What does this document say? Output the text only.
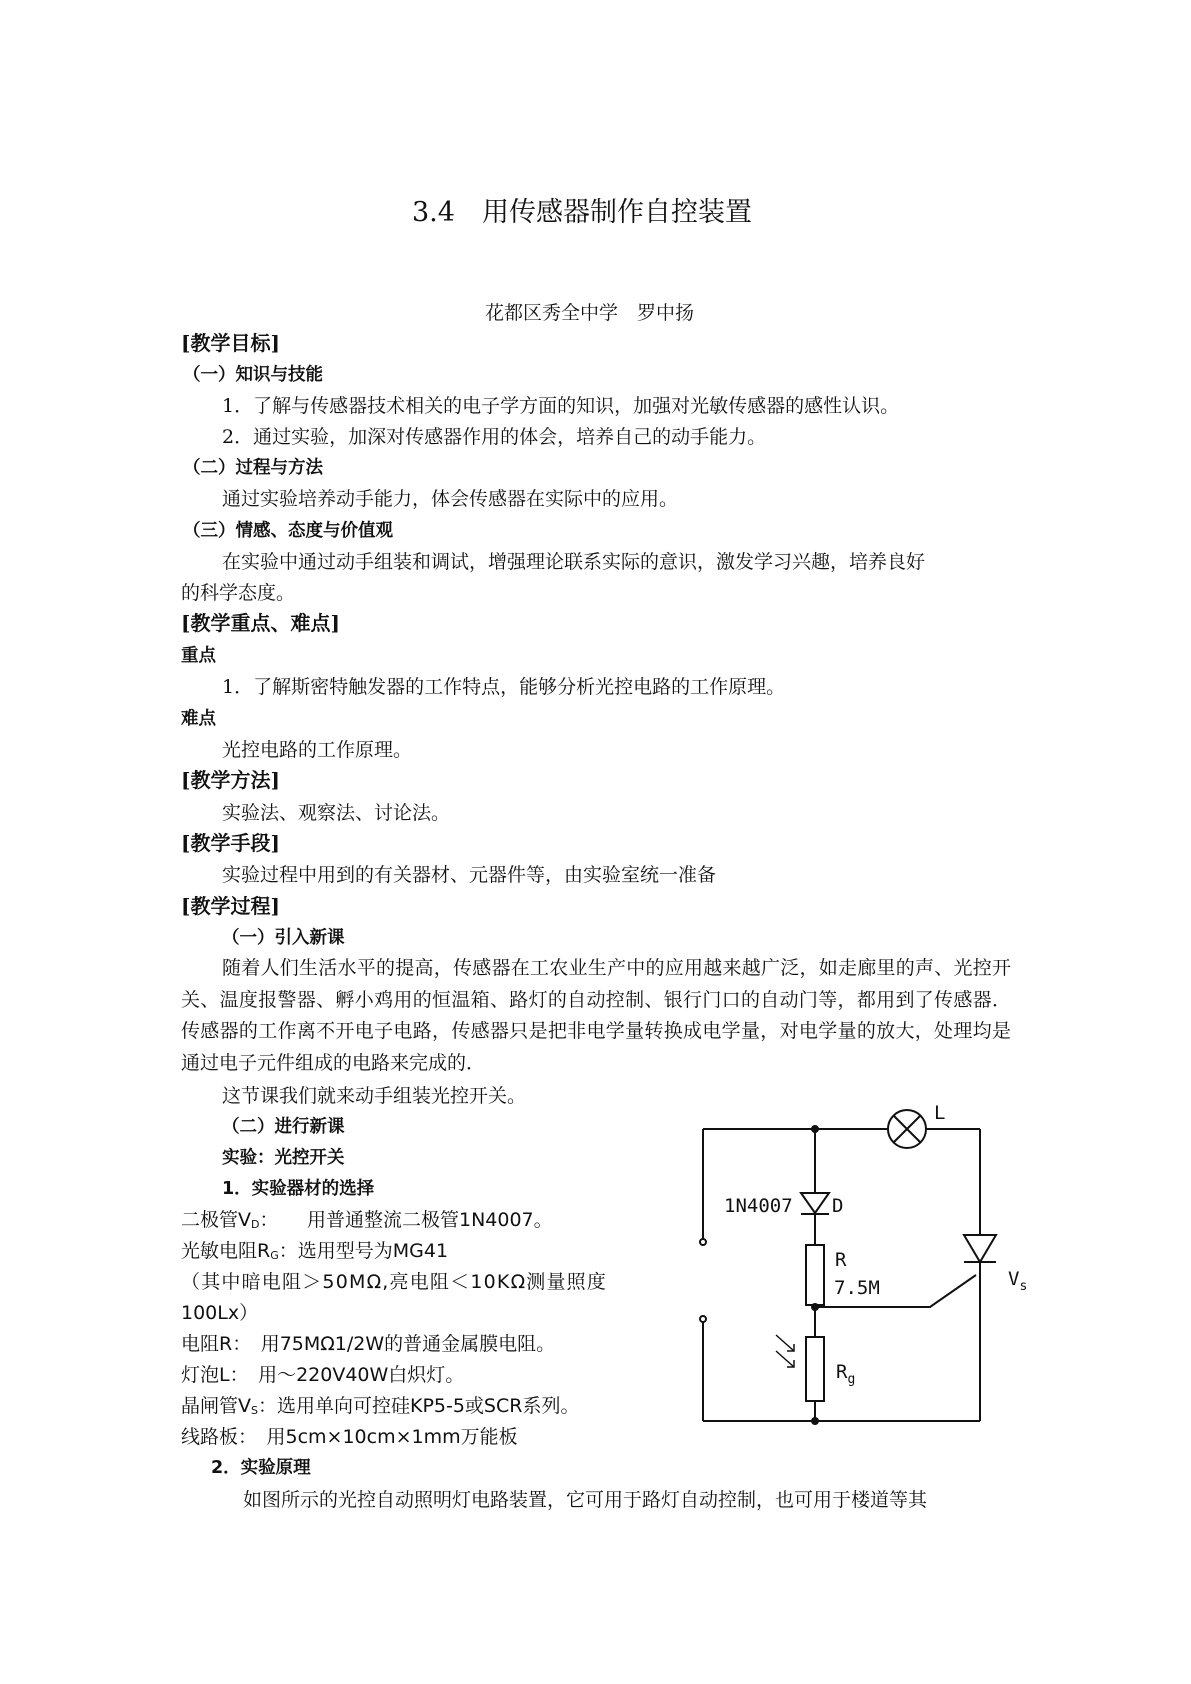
3.4　用传感器制作自控装置
花都区秀全中学　罗中扬
[教学目标]
（一）知识与技能
1．了解与传感器技术相关的电子学方面的知识，加强对光敏传感器的感性认识。
2．通过实验，加深对传感器作用的体会，培养自己的动手能力。
（二）过程与方法
通过实验培养动手能力，体会传感器在实际中的应用。
（三）情感、态度与价值观
在实验中通过动手组装和调试，增强理论联系实际的意识，激发学习兴趣，培养良好
的科学态度。
[教学重点、难点]
重点
1．了解斯密特触发器的工作特点，能够分析光控电路的工作原理。
难点
光控电路的工作原理。
[教学方法]
实验法、观察法、讨论法。
[教学手段]
实验过程中用到的有关器材、元器件等，由实验室统一准备
[教学过程]
（一）引入新课
随着人们生活水平的提高，传感器在工农业生产中的应用越来越广泛，如走廊里的声、光控开关、温度报警器、孵小鸡用的恒温箱、路灯的自动控制、银行门口的自动门等，都用到了传感器．传感器的工作离不开电子电路，传感器只是把非电学量转换成电学量，对电学量的放大，处理均是通过电子元件组成的电路来完成的．
这节课我们就来动手组装光控开关。
（二）进行新课
实验：光控开关
1．实验器材的选择
二极管$V_D$：　　用普通整流二极管1N4007。
光敏电阻$R_G$：选用型号为MG41
（其中暗电阻＞50MΩ,亮电阻＜10KΩ测量照度
100Lx）
电阻R：　用75MΩ1/2W的普通金属膜电阻。
灯泡L：　用～220V40W白炽灯。
晶闸管$V_S$：选用单向可控硅KP5-5或SCR系列。
线路板：　用5cm×10cm×1mm万能板
2．实验原理
如图所示的光控自动照明灯电路装置，它可用于路灯自动控制，也可用于楼道等其
L
1N4007 D
R
7.5M
$R_g$
$V_s$
